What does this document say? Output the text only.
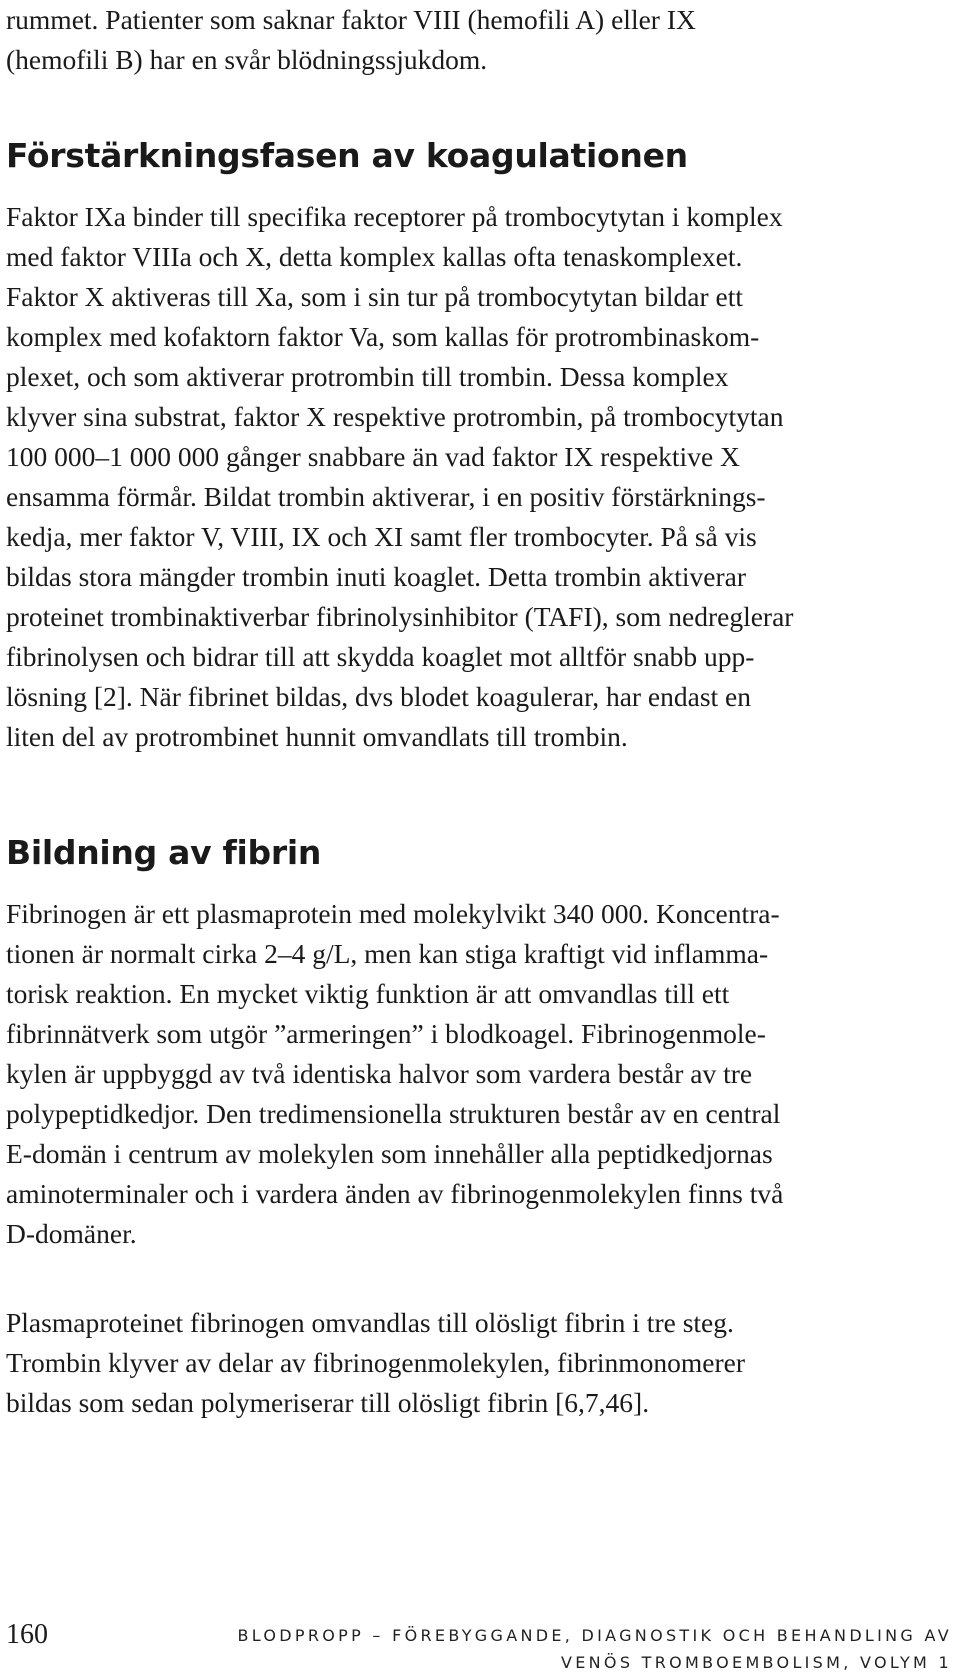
rummet. Patienter som saknar faktor VIII (hemofili A) eller IX
(hemofili B) har en svår blödningssjukdom.
Förstärkningsfasen av koagulationen
Faktor IXa binder till specifika receptorer på trombocytytan i komplex
med faktor VIIIa och X, detta komplex kallas ofta tenaskomplexet.
Faktor X aktiveras till Xa, som i sin tur på trombocytytan bildar ett
komplex med kofaktorn faktor Va, som kallas för protrombinaskom-
plexet, och som aktiverar protrombin till trombin. Dessa komplex
klyver sina substrat, faktor X respektive protrombin, på trombocytytan
100 000–1 000 000 gånger snabbare än vad faktor IX respektive X
ensamma förmår. Bildat trombin aktiverar, i en positiv förstärknings-
kedja, mer faktor V, VIII, IX och XI samt fler trombocyter. På så vis
bildas stora mängder trombin inuti koaglet. Detta trombin aktiverar
proteinet trombinaktiverbar fibrinolysinhibitor (TAFI), som nedreglerar
fibrinolysen och bidrar till att skydda koaglet mot alltför snabb upp-
lösning [2]. När fibrinet bildas, dvs blodet koagulerar, har endast en
liten del av protrombinet hunnit omvandlats till trombin.
Bildning av fibrin
Fibrinogen är ett plasmaprotein med molekylvikt 340 000. Koncentra-
tionen är normalt cirka 2–4 g/L, men kan stiga kraftigt vid inflamma-
torisk reaktion. En mycket viktig funktion är att omvandlas till ett
fibrinnätverk som utgör ”armeringen” i blodkoagel. Fibrinogenmole-
kylen är uppbyggd av två identiska halvor som vardera består av tre
polypeptidkedjor. Den tredimensionella strukturen består av en central
E-domän i centrum av molekylen som innehåller alla peptidkedjornas
aminoterminaler och i vardera änden av fibrinogenmolekylen finns två
D-domäner.
Plasmaproteinet fibrinogen omvandlas till olösligt fibrin i tre steg.
Trombin klyver av delar av fibrinogenmolekylen, fibrinmonomerer
bildas som sedan polymeriserar till olösligt fibrin [6,7,46].
160	BLODPROPP – FÖREBYGGANDE, DIAGNOSTIK OCH BEHANDLING AV
VENÖS TROMBOEMBOLISM, VOLYM 1
